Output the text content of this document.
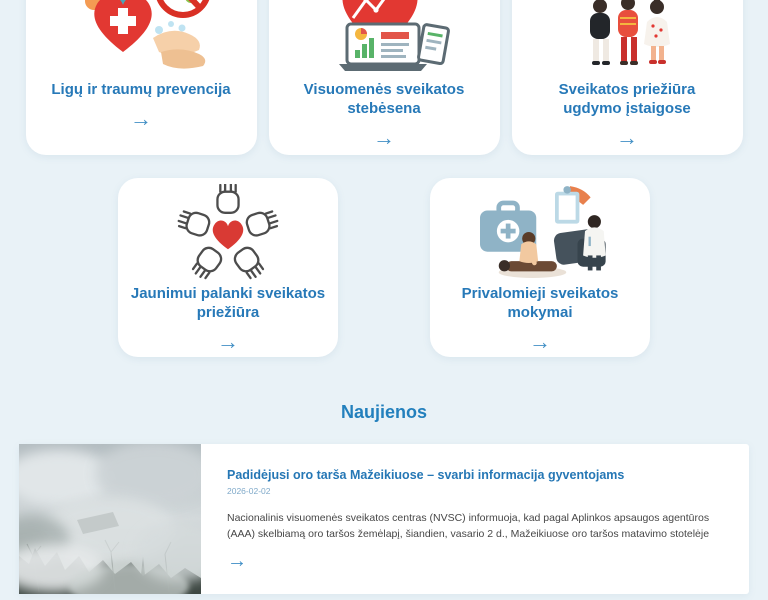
Ligų ir traumų prevencija
→
Visuomenės sveikatos stebėsena
→
Sveikatos priežiūra ugdymo įstaigose
→
Jaunimui palanki sveikatos priežiūra
→
Privalomieji sveikatos mokymai
→
Naujienos
Padidėjusi oro tarša Mažeikiuose – svarbi informacija gyventojams
2026-02-02
Nacionalinis visuomenės sveikatos centras (NVSC) informuoja, kad pagal Aplinkos apsaugos agentūros (AAA) skelbiamą oro taršos žemėlapį, šiandien, vasario 2 d., Mažeikiuose oro taršos matavimo stotelėje
→
